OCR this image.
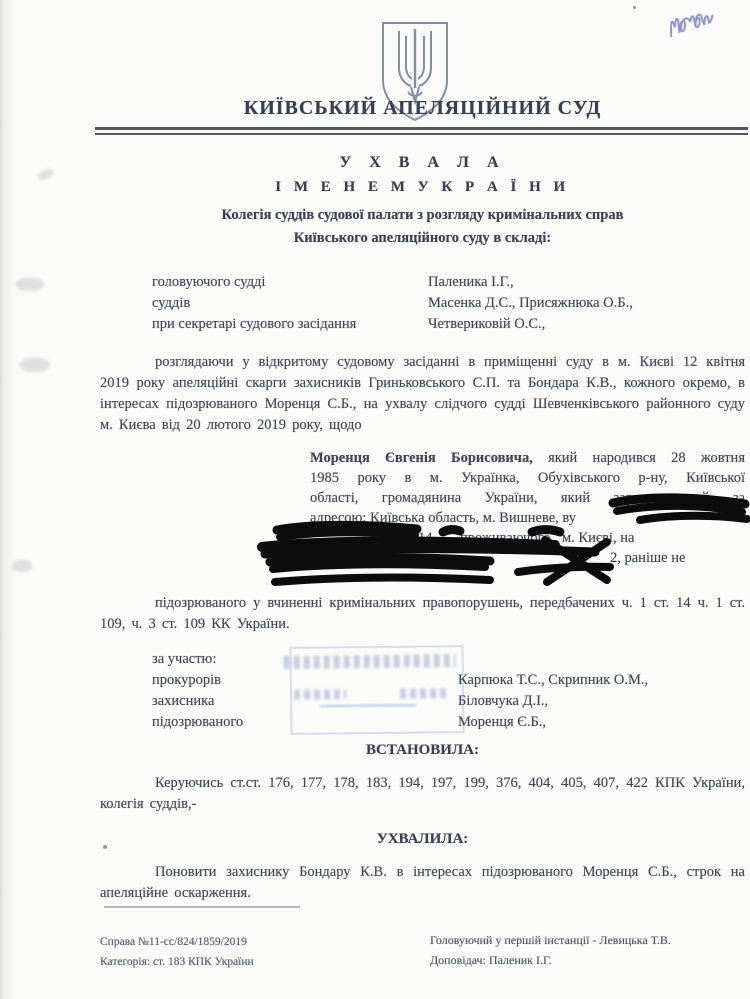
КИЇВСЬКИЙ АПЕЛЯЦІЙНИЙ СУД
У Х В А Л А
І М Е Н Е М У К Р А Ї Н И
Колегія суддів судової палати з розгляду кримінальних справ
Київського апеляційного суду в складі:
головуючого судді	Паленика І.Г.,
суддів	Масенка Д.С., Присяжнюка О.Б.,
при секретарі судового засідання	Четвериковій О.С.,
розглядаючи у відкритому судовому засіданні в приміщенні суду в м. Києві 12 квітня 2019 року апеляційні скарги захисників Гриньковського С.П. та Бондара К.В., кожного окремо, в інтересах підозрюваного Моренця С.Б., на ухвалу слідчого судді Шевченківського районного суду м. Києва від 20 лютого 2019 року, щодо
Моренця Євгенія Борисовича, який народився 28 жовтня
1985 року в м. Українка, Обухівського р-ну, Київської
області, громадянина України, який зареєстрований за
адресою: Київська область, м. Вишневе, ву
14 проживаючого м. Києві, на
2, раніше не
підозрюваного у вчиненні кримінальних правопорушень, передбачених ч. 1 ст. 14 ч. 1 ст. 109, ч. 3 ст. 109 КК України.
за участю:
прокурорів	Карпюка Т.С., Скрипник О.М.,
захисника	Біловчука Д.І.,
підозрюваного	Моренця Є.Б.,
ВСТАНОВИЛА:
Керуючись ст.ст. 176, 177, 178, 183, 194, 197, 199, 376, 404, 405, 407, 422 КПК України, колегія суддів,-
УХВАЛИЛА:
Поновити захиснику Бондару К.В. в інтересах підозрюваного Моренця С.Б., строк на апеляційне оскарження.
Справа №11-сс/824/1859/2019
Категорія: ст. 183 КПК України
Головуючий у першій інстанції - Левицька Т.В.
Доповідач: Паленик І.Г.
